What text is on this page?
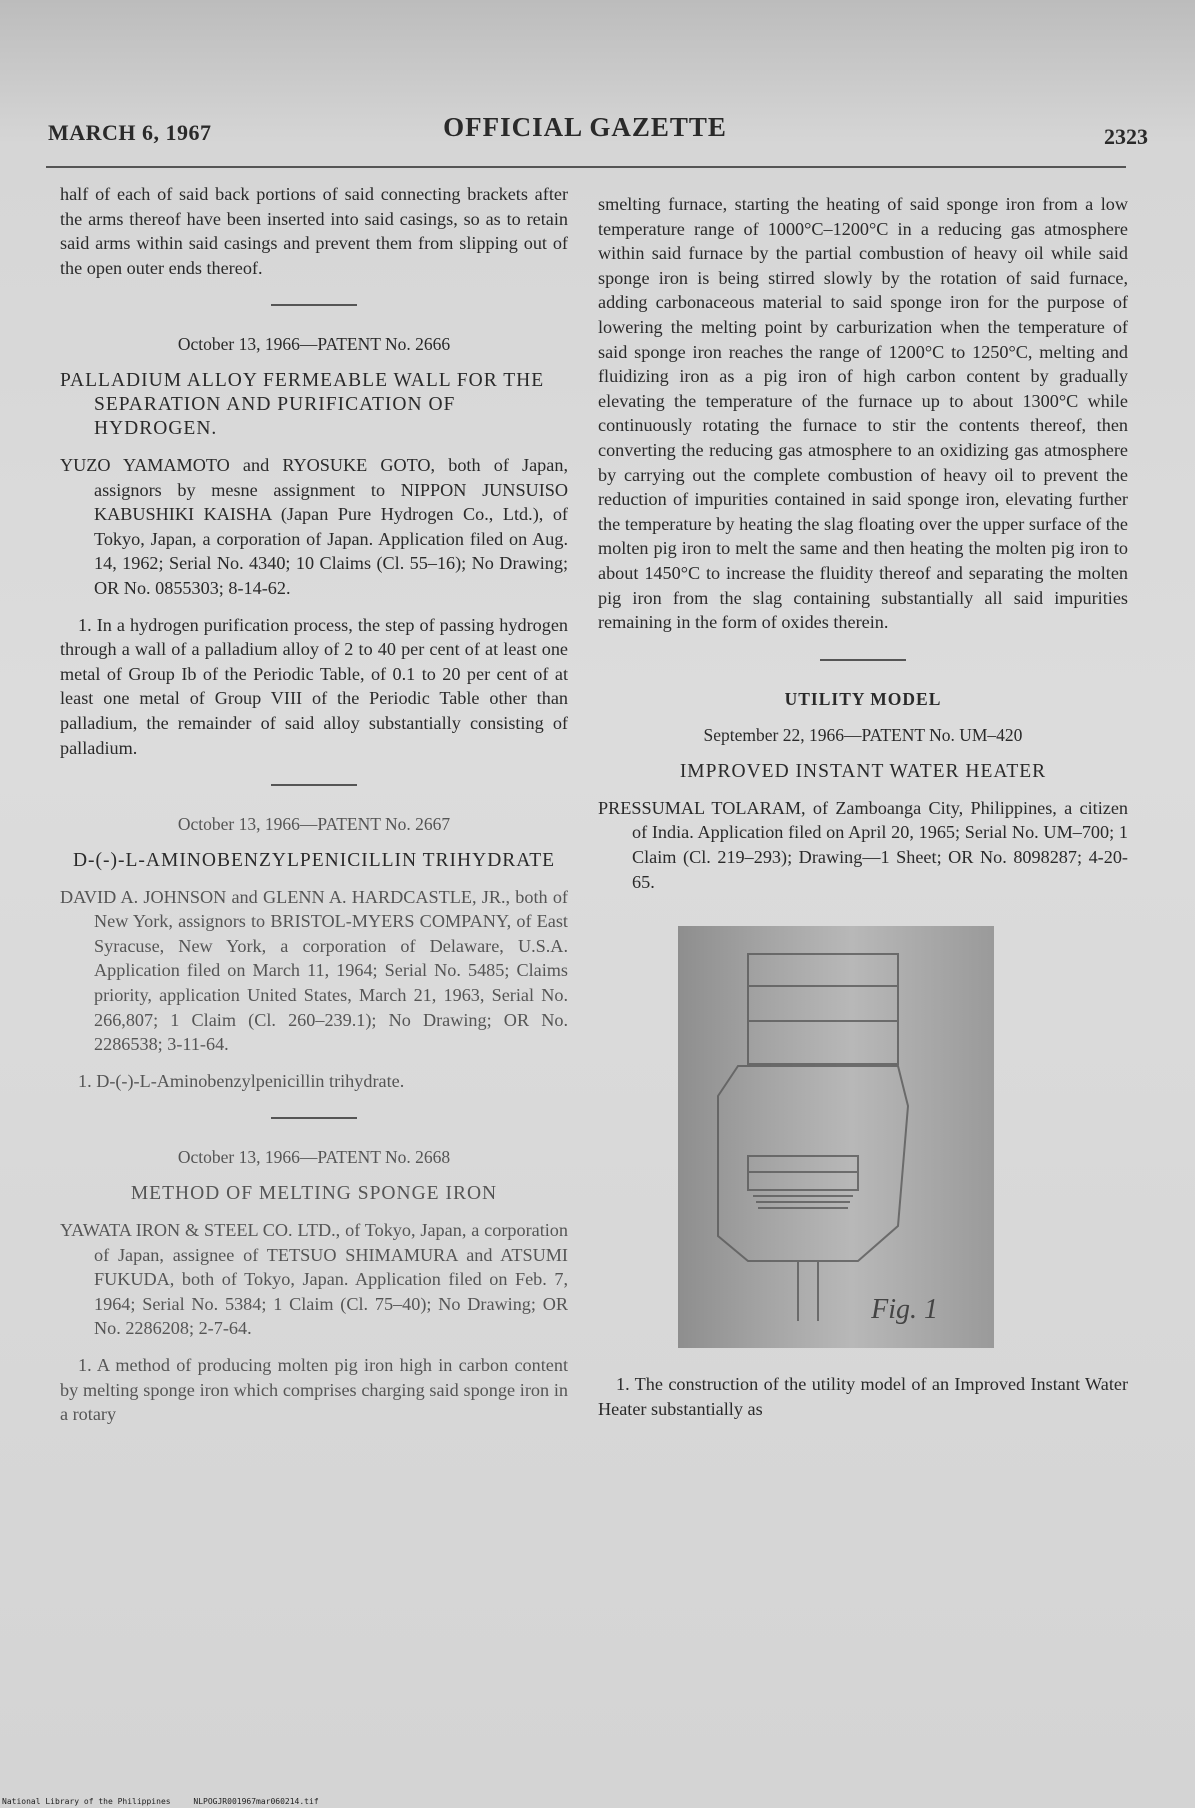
MARCH 6, 1967	OFFICIAL GAZETTE	2323

half of each of said back portions of said connecting brackets after the arms thereof have been inserted into said casings, so as to retain said arms within said casings and prevent them from slipping out of the open outer ends thereof.

October 13, 1966—PATENT No. 2666

PALLADIUM ALLOY FERMEABLE WALL FOR THE SEPARATION AND PURIFICATION OF HYDROGEN.

YUZO YAMAMOTO and RYOSUKE GOTO, both of Japan, assignors by mesne assignment to NIPPON JUNSUISO KABUSHIKI KAISHA (Japan Pure Hydrogen Co., Ltd.), of Tokyo, Japan, a corporation of Japan. Application filed on Aug. 14, 1962; Serial No. 4340; 10 Claims (Cl. 55–16); No Drawing; OR No. 0855303; 8-14-62.

1. In a hydrogen purification process, the step of passing hydrogen through a wall of a palladium alloy of 2 to 40 per cent of at least one metal of Group Ib of the Periodic Table, of 0.1 to 20 per cent of at least one metal of Group VIII of the Periodic Table other than palladium, the remainder of said alloy substantially consisting of palladium.

October 13, 1966—PATENT No. 2667

D-(-)-L-AMINOBENZYLPENICILLIN TRIHYDRATE

DAVID A. JOHNSON and GLENN A. HARDCASTLE, JR., both of New York, assignors to BRISTOL-MYERS COMPANY, of East Syracuse, New York, a corporation of Delaware, U.S.A. Application filed on March 11, 1964; Serial No. 5485; Claims priority, application United States, March 21, 1963, Serial No. 266,807; 1 Claim (Cl. 260–239.1); No Drawing; OR No. 2286538; 3-11-64.

1. D-(-)-L-Aminobenzylpenicillin trihydrate.

October 13, 1966—PATENT No. 2668

METHOD OF MELTING SPONGE IRON

YAWATA IRON & STEEL CO. LTD., of Tokyo, Japan, a corporation of Japan, assignee of TETSUO SHIMAMURA and ATSUMI FUKUDA, both of Tokyo, Japan. Application filed on Feb. 7, 1964; Serial No. 5384; 1 Claim (Cl. 75–40); No Drawing; OR No. 2286208; 2-7-64.

1. A method of producing molten pig iron high in carbon content by melting sponge iron which comprises charging said sponge iron in a rotary

smelting furnace, starting the heating of said sponge iron from a low temperature range of 1000°C–1200°C in a reducing gas atmosphere within said furnace by the partial combustion of heavy oil while said sponge iron is being stirred slowly by the rotation of said furnace, adding carbonaceous material to said sponge iron for the purpose of lowering the melting point by carburization when the temperature of said sponge iron reaches the range of 1200°C to 1250°C, melting and fluidizing iron as a pig iron of high carbon content by gradually elevating the temperature of the furnace up to about 1300°C while continuously rotating the furnace to stir the contents thereof, then converting the reducing gas atmosphere to an oxidizing gas atmosphere by carrying out the complete combustion of heavy oil to prevent the reduction of impurities contained in said sponge iron, elevating further the temperature by heating the slag floating over the upper surface of the molten pig iron to melt the same and then heating the molten pig iron to about 1450°C to increase the fluidity thereof and separating the molten pig iron from the slag containing substantially all said impurities remaining in the form of oxides therein.

UTILITY MODEL

September 22, 1966—PATENT No. UM–420

IMPROVED INSTANT WATER HEATER

PRESSUMAL TOLARAM, of Zamboanga City, Philippines, a citizen of India. Application filed on April 20, 1965; Serial No. UM–700; 1 Claim (Cl. 219–293); Drawing—1 Sheet; OR No. 8098287; 4-20-65.

Fig. 1

1. The construction of the utility model of an Improved Instant Water Heater substantially as

National Library of the Philippines	NLPOGJR001967mar060214.tif
